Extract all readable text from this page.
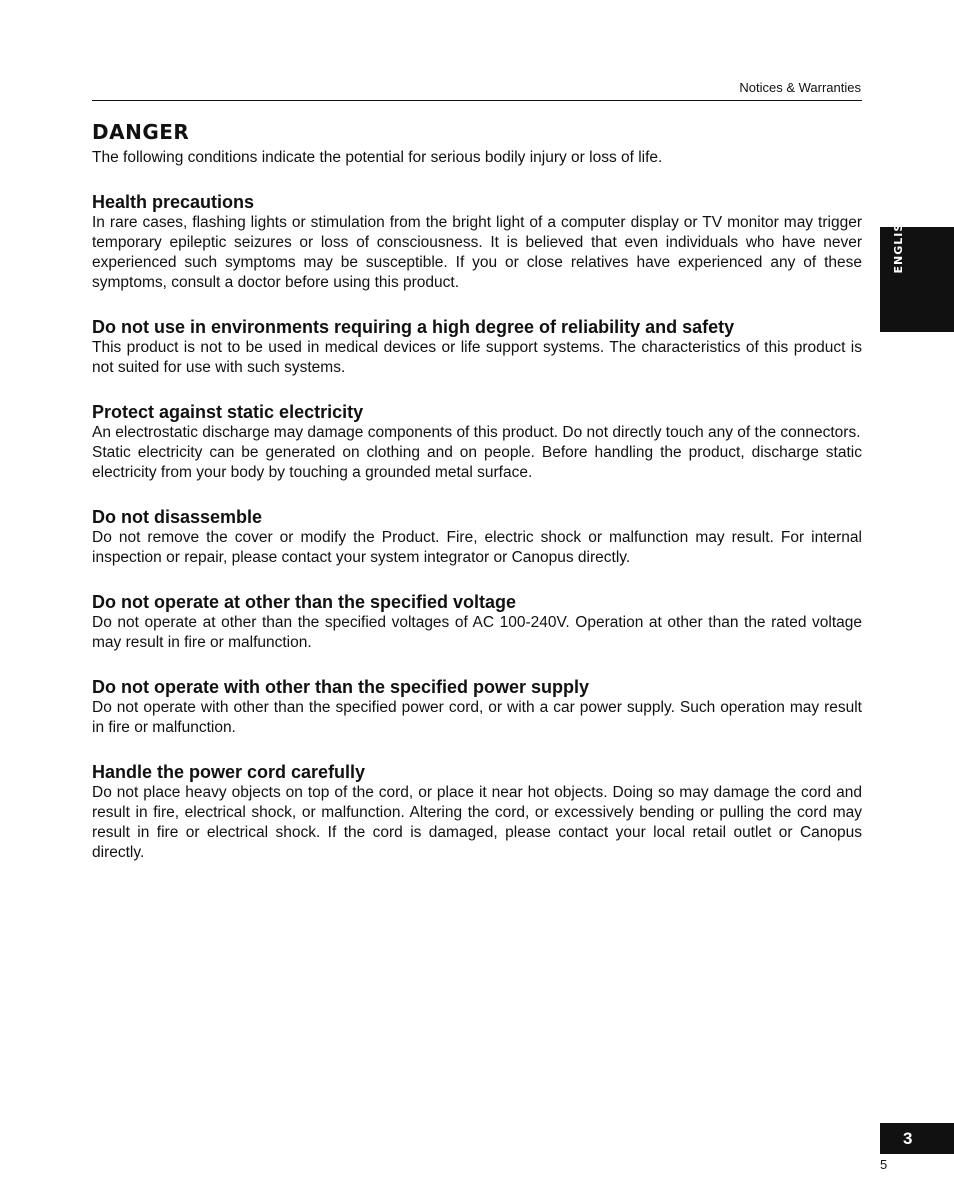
Notices & Warranties
ENGLISH
DANGER

The following conditions indicate the potential for serious bodily injury or loss of life.

Health precautions

In rare cases, flashing lights or stimulation from the bright light of a computer display or TV monitor may trigger temporary epileptic seizures or loss of consciousness. It is believed that even individuals who have never experienced such symptoms may be susceptible. If you or close relatives have experienced any of these symptoms, consult a doctor before using this product.

Do not use in environments requiring a high degree of reliability and safety

This product is not to be used in medical devices or life support systems. The characteristics of this product is not suited for use with such systems.

Protect against static electricity

An electrostatic discharge may damage components of this product. Do not directly touch any of the connectors.

Static electricity can be generated on clothing and on people. Before handling the product, discharge static electricity from your body by touching a grounded metal surface.

Do not disassemble

Do not remove the cover or modify the Product. Fire, electric shock or malfunction may result. For internal inspection or repair, please contact your system integrator or Canopus directly.

Do not operate at other than the specified voltage

Do not operate at other than the specified voltages of AC 100-240V. Operation at other than the rated voltage may result in fire or malfunction.

Do not operate with other than the specified power supply

Do not operate with other than the specified power cord, or with a car power supply. Such operation may result in fire or malfunction.

Handle the power cord carefully

Do not place heavy objects on top of the cord, or place it near hot objects. Doing so may damage the cord and result in fire, electrical shock, or malfunction. Altering the cord, or excessively bending or pulling the cord may result in fire or electrical shock. If the cord is damaged, please contact your local retail outlet or Canopus directly.

3
5
